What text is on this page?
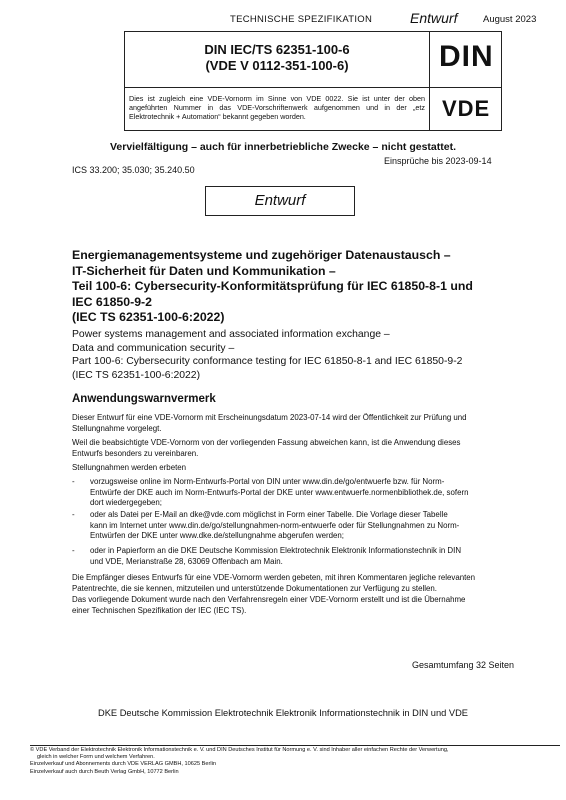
TECHNISCHE SPEZIFIKATION	Entwurf	August 2023
DIN IEC/TS 62351-100-6
(VDE V 0112-351-100-6)	DIN
Dies ist zugleich eine VDE-Vornorm im Sinne von VDE 0022. Sie ist unter der oben angeführten Nummer in das VDE-Vorschriftenwerk aufgenommen und in der „etz Elektrotechnik + Automation“ bekannt gegeben worden.	VDE
Vervielfältigung – auch für innerbetriebliche Zwecke – nicht gestattet.
Einsprüche bis 2023-09-14
ICS 33.200; 35.030; 35.240.50
Entwurf
Energiemanagementsysteme und zugehöriger Datenaustausch –
IT-Sicherheit für Daten und Kommunikation –
Teil 100-6: Cybersecurity-Konformitätsprüfung für IEC 61850-8-1 und
IEC 61850-9-2
(IEC TS 62351-100-6:2022)
Power systems management and associated information exchange –
Data and communication security –
Part 100-6: Cybersecurity conformance testing for IEC 61850-8-1 and IEC 61850-9-2
(IEC TS 62351-100-6:2022)
Anwendungswarnvermerk
Dieser Entwurf für eine VDE-Vornorm mit Erscheinungsdatum 2023-07-14 wird der Öffentlichkeit zur Prüfung und
Stellungnahme vorgelegt.
Weil die beabsichtigte VDE-Vornorm von der vorliegenden Fassung abweichen kann, ist die Anwendung dieses
Entwurfs besonders zu vereinbaren.
Stellungnahmen werden erbeten
- vorzugsweise online im Norm-Entwurfs-Portal von DIN unter www.din.de/go/entwuerfe bzw. für Norm-
Entwürfe der DKE auch im Norm-Entwurfs-Portal der DKE unter www.entwuerfe.normenbibliothek.de, sofern
dort wiedergegeben;
- oder als Datei per E-Mail an dke@vde.com möglichst in Form einer Tabelle. Die Vorlage dieser Tabelle
kann im Internet unter www.din.de/go/stellungnahmen-norm-entwuerfe oder für Stellungnahmen zu Norm-
Entwürfen der DKE unter www.dke.de/stellungnahme abgerufen werden;
- oder in Papierform an die DKE Deutsche Kommission Elektrotechnik Elektronik Informationstechnik in DIN
und VDE, Merianstraße 28, 63069 Offenbach am Main.
Die Empfänger dieses Entwurfs für eine VDE-Vornorm werden gebeten, mit ihren Kommentaren jegliche relevanten
Patentrechte, die sie kennen, mitzuteilen und unterstützende Dokumentationen zur Verfügung zu stellen.
Das vorliegende Dokument wurde nach den Verfahrensregeln einer VDE-Vornorm erstellt und ist die Übernahme
einer Technischen Spezifikation der IEC (IEC TS).
Gesamtumfang 32 Seiten
DKE Deutsche Kommission Elektrotechnik Elektronik Informationstechnik in DIN und VDE
© VDE Verband der Elektrotechnik Elektronik Informationstechnik e. V. und DIN Deutsches Institut für Normung e. V. sind Inhaber aller einfachen Rechte der Verwertung,
gleich in welcher Form und welchem Verfahren.
Einzelverkauf und Abonnements durch VDE VERLAG GMBH, 10625 Berlin
Einzelverkauf auch durch Beuth Verlag GmbH, 10772 Berlin
